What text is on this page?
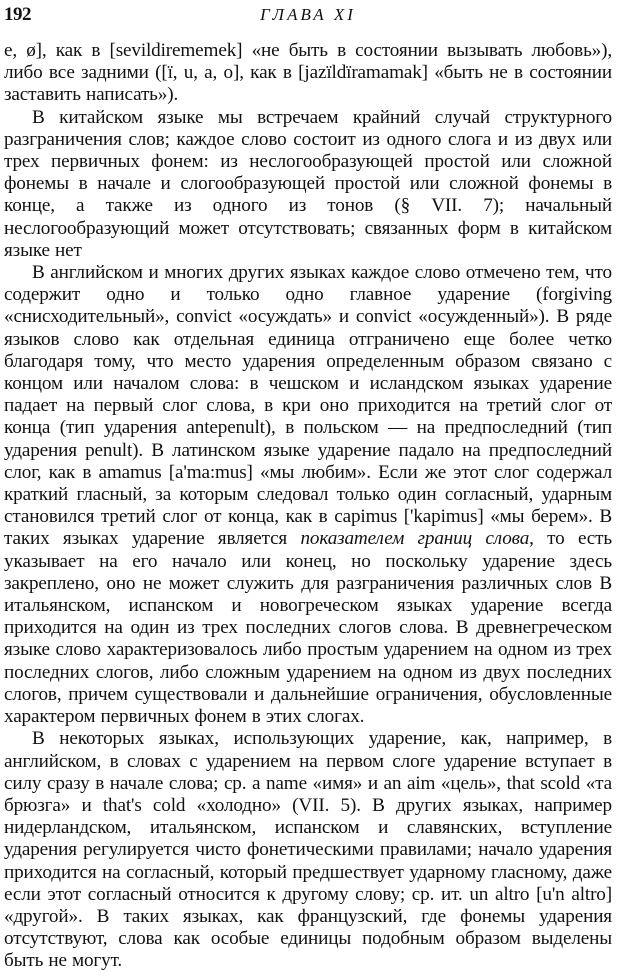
192	ГЛАВА XI

e, ø], как в [sevildirememek] «не быть в состоянии вызывать любовь»), либо все задними ([ï, u, a, o], как в [jazïldïramamak] «быть не в состоянии заставить написать»).

В китайском языке мы встречаем крайний случай структурного разграничения слов; каждое слово состоит из одного слога и из двух или трех первичных фонем: из неслогообразующей простой или сложной фонемы в начале и слогообразующей простой или сложной фонемы в конце, а также из одного из тонов (§ VII. 7); начальный неслогообразующий может отсутствовать; связанных форм в китайском языке нет

В английском и многих других языках каждое слово отмечено тем, что содержит одно и только одно главное ударение (forgiving «снисходительный», convict «осуждать» и convict «осужденный»). В ряде языков слово как отдельная единица отграничено еще более четко благодаря тому, что место ударения определенным образом связано с концом или началом слова: в чешском и исландском языках ударение падает на первый слог слова, в кри оно приходится на третий слог от конца (тип ударения antepenult), в польском — на предпоследний (тип ударения penult). В латинском языке ударение падало на предпоследний слог, как в amamus [a'ma:mus] «мы любим». Если же этот слог содержал краткий гласный, за которым следовал только один согласный, ударным становился третий слог от конца, как в capimus ['kapimus] «мы берем». В таких языках ударение является показателем границ слова, то есть указывает на его начало или конец, но поскольку ударение здесь закреплено, оно не может служить для разграничения различных слов В итальянском, испанском и новогреческом языках ударение всегда приходится на один из трех последних слогов слова. В древнегреческом языке слово характеризовалось либо простым ударением на одном из трех последних слогов, либо сложным ударением на одном из двух последних слогов, причем существовали и дальнейшие ограничения, обусловленные характером первичных фонем в этих слогах.

В некоторых языках, использующих ударение, как, например, в английском, в словах с ударением на первом слоге ударение вступает в силу сразу в начале слова; ср. a name «имя» и an aim «цель», that scold «та брюзга» и that's cold «холодно» (VII. 5). В других языках, например нидерландском, итальянском, испанском и славянских, вступление ударения регулируется чисто фонетическими правилами; начало ударения приходится на согласный, который предшествует ударному гласному, даже если этот согласный относится к другому слову; ср. ит. un altro [u'n altro] «другой». В таких языках, как французский, где фонемы ударения отсутствуют, слова как особые единицы подобным образом выделены быть не могут.
